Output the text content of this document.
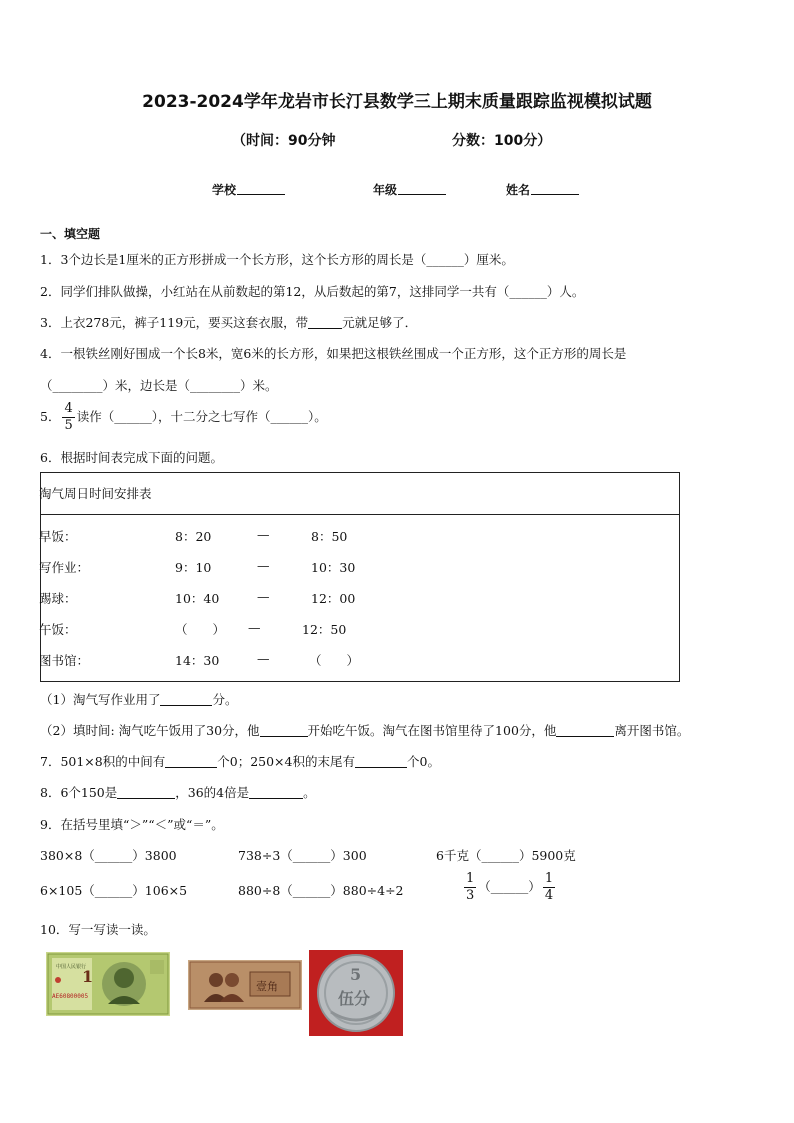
2023-2024学年龙岩市长汀县数学三上期末质量跟踪监视模拟试题
（时间：90分钟	分数：100分）
学校	年级	姓名
一、填空题
1．3个边长是1厘米的正方形拼成一个长方形，这个长方形的周长是（______）厘米。
2．同学们排队做操，小红站在从前数起的第12，从后数起的第7，这排同学一共有（______）人。
3．上衣278元，裤子119元，要买这套衣服，带	元就足够了．
4．一根铁丝刚好围成一个长8米，宽6米的长方形，如果把这根铁丝围成一个正方形，这个正方形的周长是
（________）米，边长是（________）米。
5． $\frac{4}{5}$ 读作（______），十二分之七写作（______）。
6．根据时间表完成下面的问题。
淘气周日时间安排表
早饭：	8：20	—	8：50
写作业：	9：10	—	10：30
踢球：	10：40	—	12：00
午饭：	（　　） —	12：50
图书馆：	14：30	—	（　　）
（1）淘气写作业用了	分。
（2）填时间: 淘气吃午饭用了30分，他	开始吃午饭。淘气在图书馆里待了100分，他	离开图书馆。
7．501×8积的中间有	个0；250×4积的末尾有	个0。
8．6个150是	，36的4倍是	。
9．在括号里填“＞”“＜”或“＝”。
380×8（______）3800	738÷3（______）300	6千克（______）5900克
6×105（______）106×5	880÷8（______）880÷4÷2	$\frac{1}{3}$ （______） $\frac{1}{4}$
10．写一写读一读。
1
中国人民银行
AE60800005
壹角
5
伍分
